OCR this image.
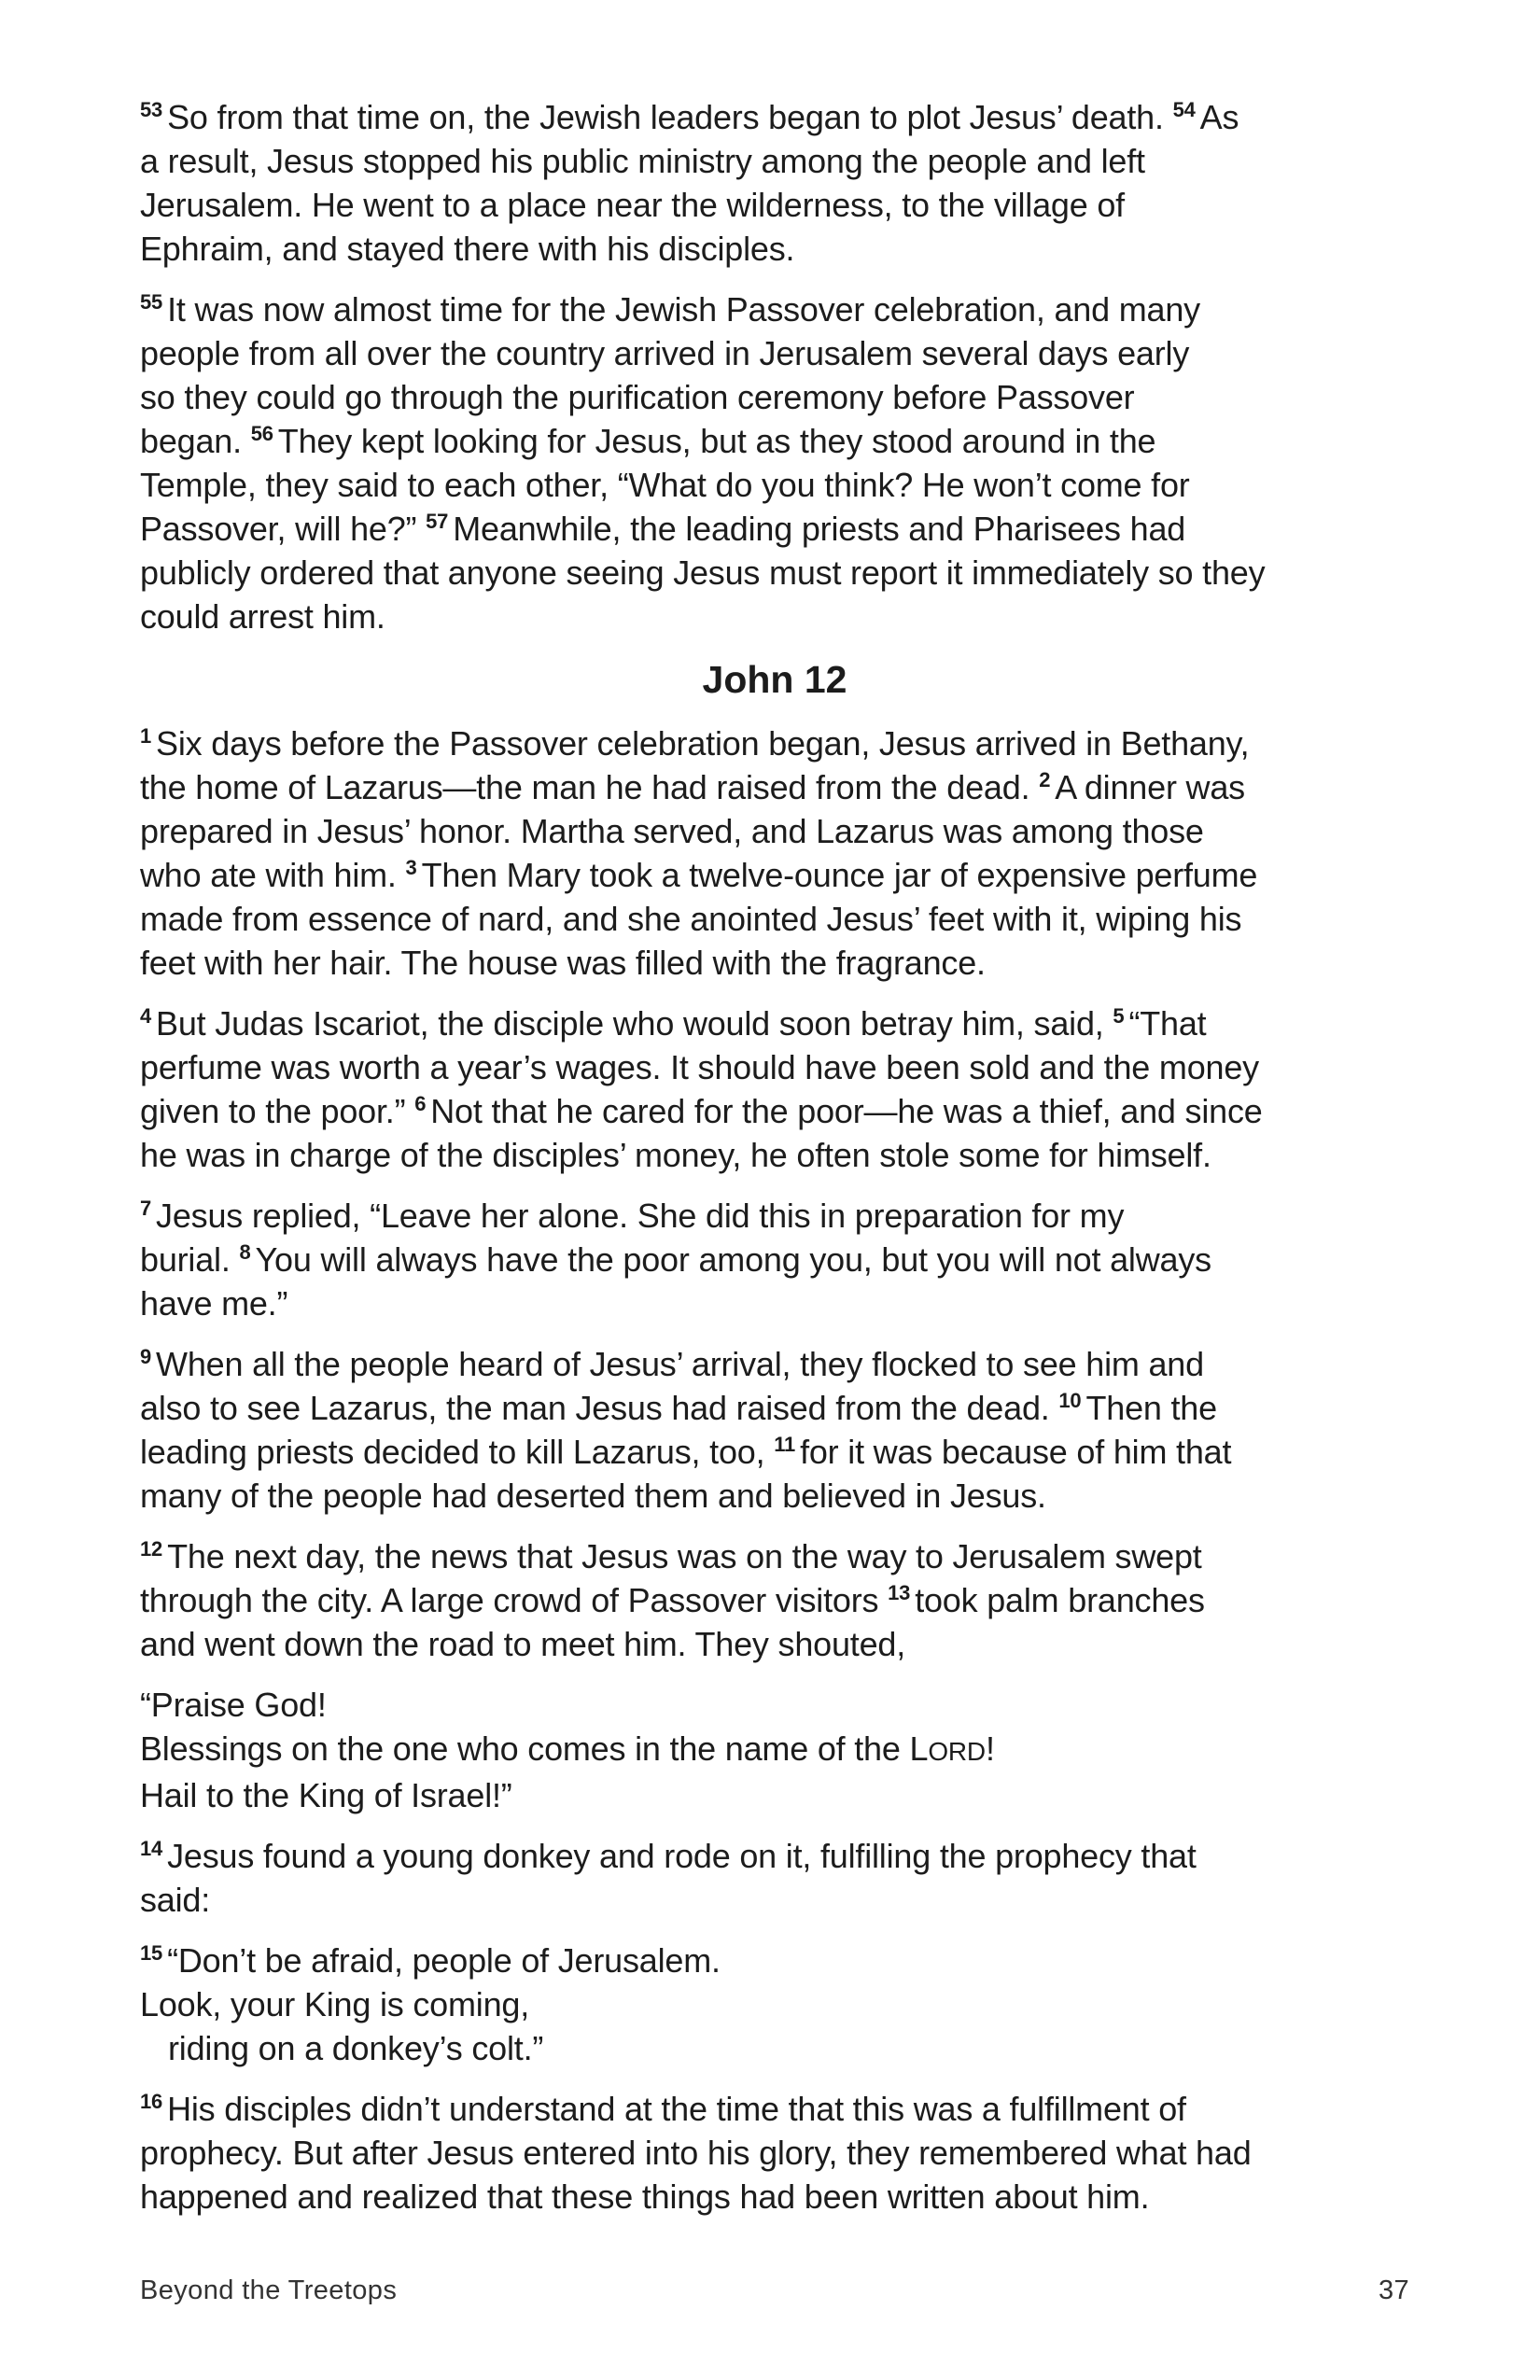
$^{53}$ So from that time on, the Jewish leaders began to plot Jesus’ death. $^{54}$ As
a result, Jesus stopped his public ministry among the people and left
Jerusalem. He went to a place near the wilderness, to the village of
Ephraim, and stayed there with his disciples.
$^{55}$ It was now almost time for the Jewish Passover celebration, and many
people from all over the country arrived in Jerusalem several days early
so they could go through the purification ceremony before Passover
began. $^{56}$ They kept looking for Jesus, but as they stood around in the
Temple, they said to each other, “What do you think? He won’t come for
Passover, will he?” $^{57}$ Meanwhile, the leading priests and Pharisees had
publicly ordered that anyone seeing Jesus must report it immediately so they
could arrest him.
John 12
$^1$ Six days before the Passover celebration began, Jesus arrived in Bethany,
the home of Lazarus—the man he had raised from the dead. $^2$ A dinner was
prepared in Jesus’ honor. Martha served, and Lazarus was among those
who ate with him. $^3$ Then Mary took a twelve-ounce jar of expensive perfume
made from essence of nard, and she anointed Jesus’ feet with it, wiping his
feet with her hair. The house was filled with the fragrance.
$^4$ But Judas Iscariot, the disciple who would soon betray him, said, $^5$ “That
perfume was worth a year’s wages. It should have been sold and the money
given to the poor.” $^6$ Not that he cared for the poor—he was a thief, and since
he was in charge of the disciples’ money, he often stole some for himself.
$^7$ Jesus replied, “Leave her alone. She did this in preparation for my
burial. $^8$ You will always have the poor among you, but you will not always
have me.”
$^9$ When all the people heard of Jesus’ arrival, they flocked to see him and
also to see Lazarus, the man Jesus had raised from the dead. $^{10}$ Then the
leading priests decided to kill Lazarus, too, $^{11}$ for it was because of him that
many of the people had deserted them and believed in Jesus.
$^{12}$ The next day, the news that Jesus was on the way to Jerusalem swept
through the city. A large crowd of Passover visitors $^{13}$ took palm branches
and went down the road to meet him. They shouted,
“Praise God!
Blessings on the one who comes in the name of the LORD!
Hail to the King of Israel!”
$^{14}$ Jesus found a young donkey and rode on it, fulfilling the prophecy that
said:
$^{15}$ “Don’t be afraid, people of Jerusalem.
Look, your King is coming,
riding on a donkey’s colt.”
$^{16}$ His disciples didn’t understand at the time that this was a fulfillment of
prophecy. But after Jesus entered into his glory, they remembered what had
happened and realized that these things had been written about him.
Beyond the Treetops	37
